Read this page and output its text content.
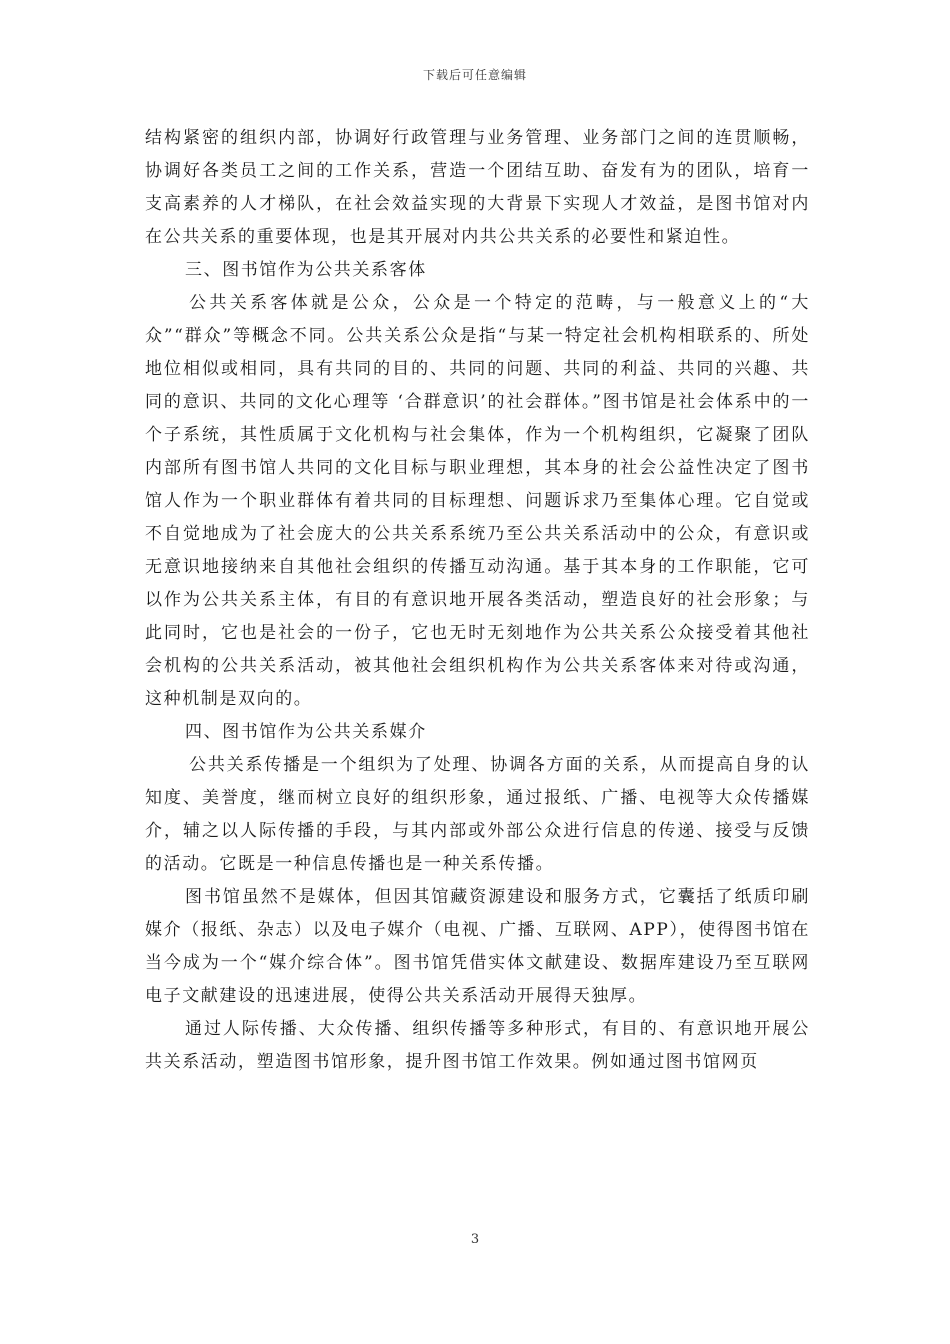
下载后可任意编辑

结构紧密的组织内部，协调好行政管理与业务管理、业务部门之间的连贯顺畅，协调好各类员工之间的工作关系，营造一个团结互助、奋发有为的团队，培育一支高素养的人才梯队，在社会效益实现的大背景下实现人才效益，是图书馆对内在公共关系的重要体现，也是其开展对内共公共关系的必要性和紧迫性。

三、图书馆作为公共关系客体

公共关系客体就是公众，公众是一个特定的范畴，与一般意义上的“大众”“群众”等概念不同。公共关系公众是指“与某一特定社会机构相联系的、所处地位相似或相同，具有共同的目的、共同的问题、共同的利益、共同的兴趣、共同的意识、共同的文化心理等 ‘合群意识’的社会群体。”图书馆是社会体系中的一个子系统，其性质属于文化机构与社会集体，作为一个机构组织，它凝聚了团队内部所有图书馆人共同的文化目标与职业理想，其本身的社会公益性决定了图书馆人作为一个职业群体有着共同的目标理想、问题诉求乃至集体心理。它自觉或不自觉地成为了社会庞大的公共关系系统乃至公共关系活动中的公众，有意识或无意识地接纳来自其他社会组织的传播互动沟通。基于其本身的工作职能，它可以作为公共关系主体，有目的有意识地开展各类活动，塑造良好的社会形象；与此同时，它也是社会的一份子，它也无时无刻地作为公共关系公众接受着其他社会机构的公共关系活动，被其他社会组织机构作为公共关系客体来对待或沟通，这种机制是双向的。

四、图书馆作为公共关系媒介

公共关系传播是一个组织为了处理、协调各方面的关系，从而提高自身的认知度、美誉度，继而树立良好的组织形象，通过报纸、广播、电视等大众传播媒介，辅之以人际传播的手段，与其内部或外部公众进行信息的传递、接受与反馈的活动。它既是一种信息传播也是一种关系传播。

图书馆虽然不是媒体，但因其馆藏资源建设和服务方式，它囊括了纸质印刷媒介（报纸、杂志）以及电子媒介（电视、广播、互联网、APP），使得图书馆在当今成为一个“媒介综合体”。图书馆凭借实体文献建设、数据库建设乃至互联网电子文献建设的迅速进展，使得公共关系活动开展得天独厚。

通过人际传播、大众传播、组织传播等多种形式，有目的、有意识地开展公共关系活动，塑造图书馆形象，提升图书馆工作效果。例如通过图书馆网页

3
